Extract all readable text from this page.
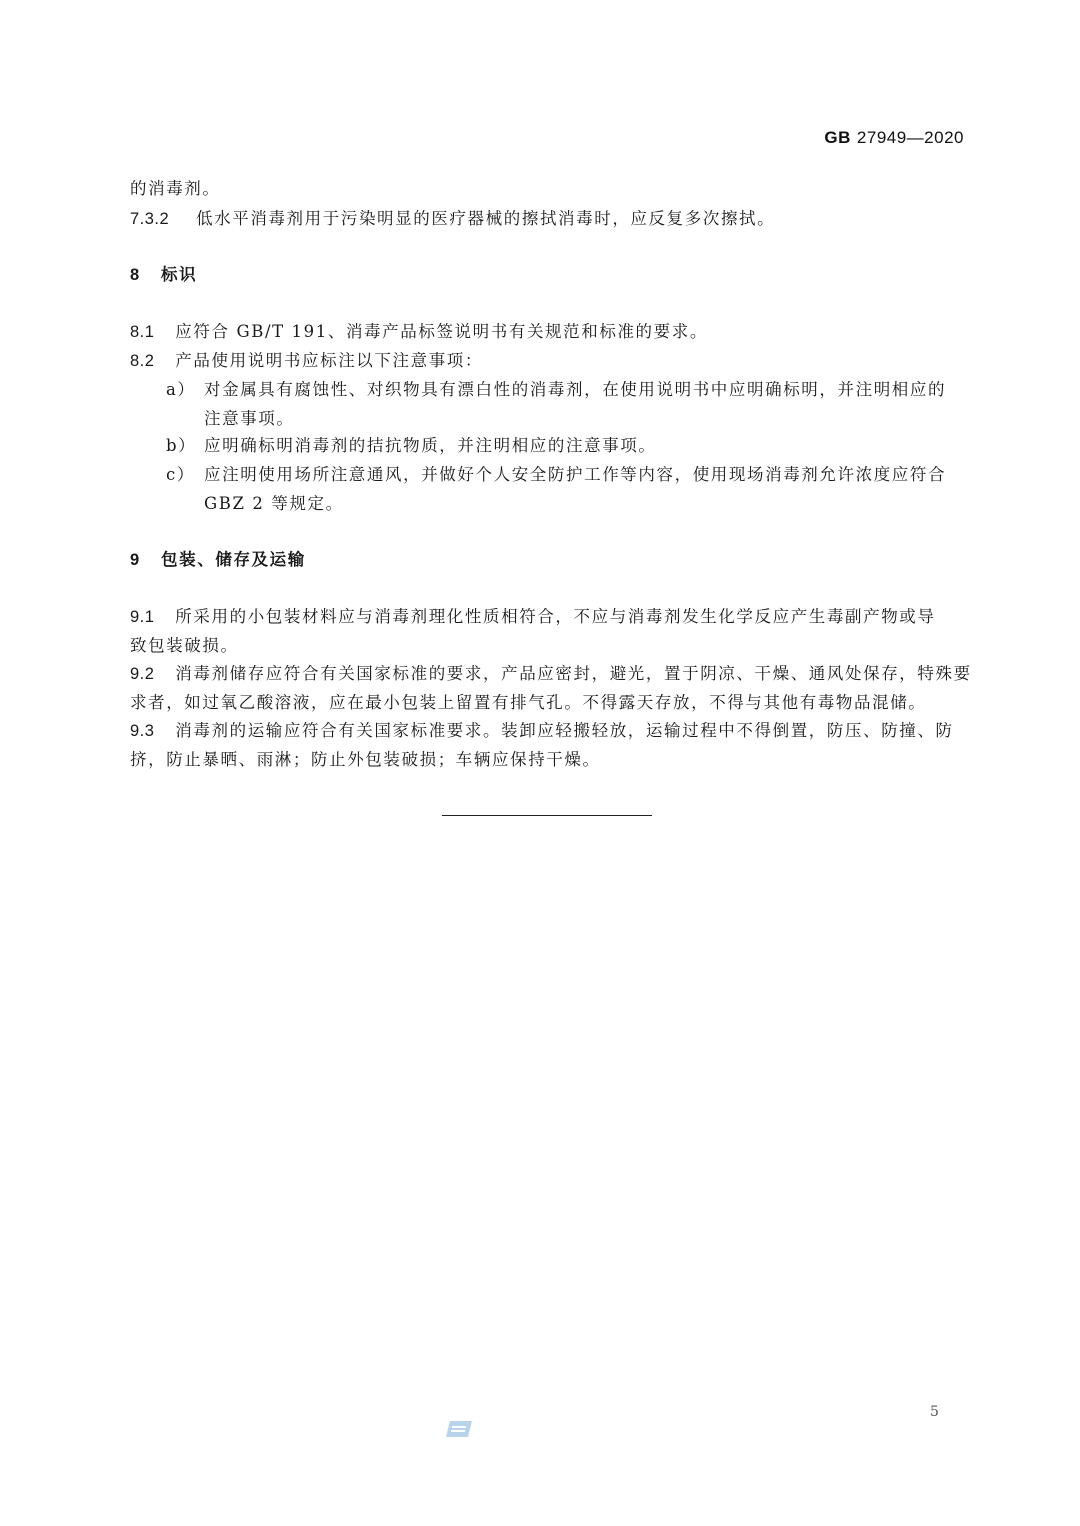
GB 27949—2020
的消毒剂。
7.3.2 低水平消毒剂用于污染明显的医疗器械的擦拭消毒时，应反复多次擦拭。
8 标识
8.1 应符合 GB/T 191、消毒产品标签说明书有关规范和标准的要求。
8.2 产品使用说明书应标注以下注意事项：
a） 对金属具有腐蚀性、对织物具有漂白性的消毒剂，在使用说明书中应明确标明，并注明相应的
注意事项。
b） 应明确标明消毒剂的拮抗物质，并注明相应的注意事项。
c） 应注明使用场所注意通风，并做好个人安全防护工作等内容，使用现场消毒剂允许浓度应符合
GBZ 2 等规定。
9 包装、储存及运输
9.1 所采用的小包装材料应与消毒剂理化性质相符合，不应与消毒剂发生化学反应产生毒副产物或导
致包装破损。
9.2 消毒剂储存应符合有关国家标准的要求，产品应密封，避光，置于阴凉、干燥、通风处保存，特殊要
求者，如过氧乙酸溶液，应在最小包装上留置有排气孔。不得露天存放，不得与其他有毒物品混储。
9.3 消毒剂的运输应符合有关国家标准要求。装卸应轻搬轻放，运输过程中不得倒置，防压、防撞、防
挤，防止暴晒、雨淋；防止外包装破损；车辆应保持干燥。
5
